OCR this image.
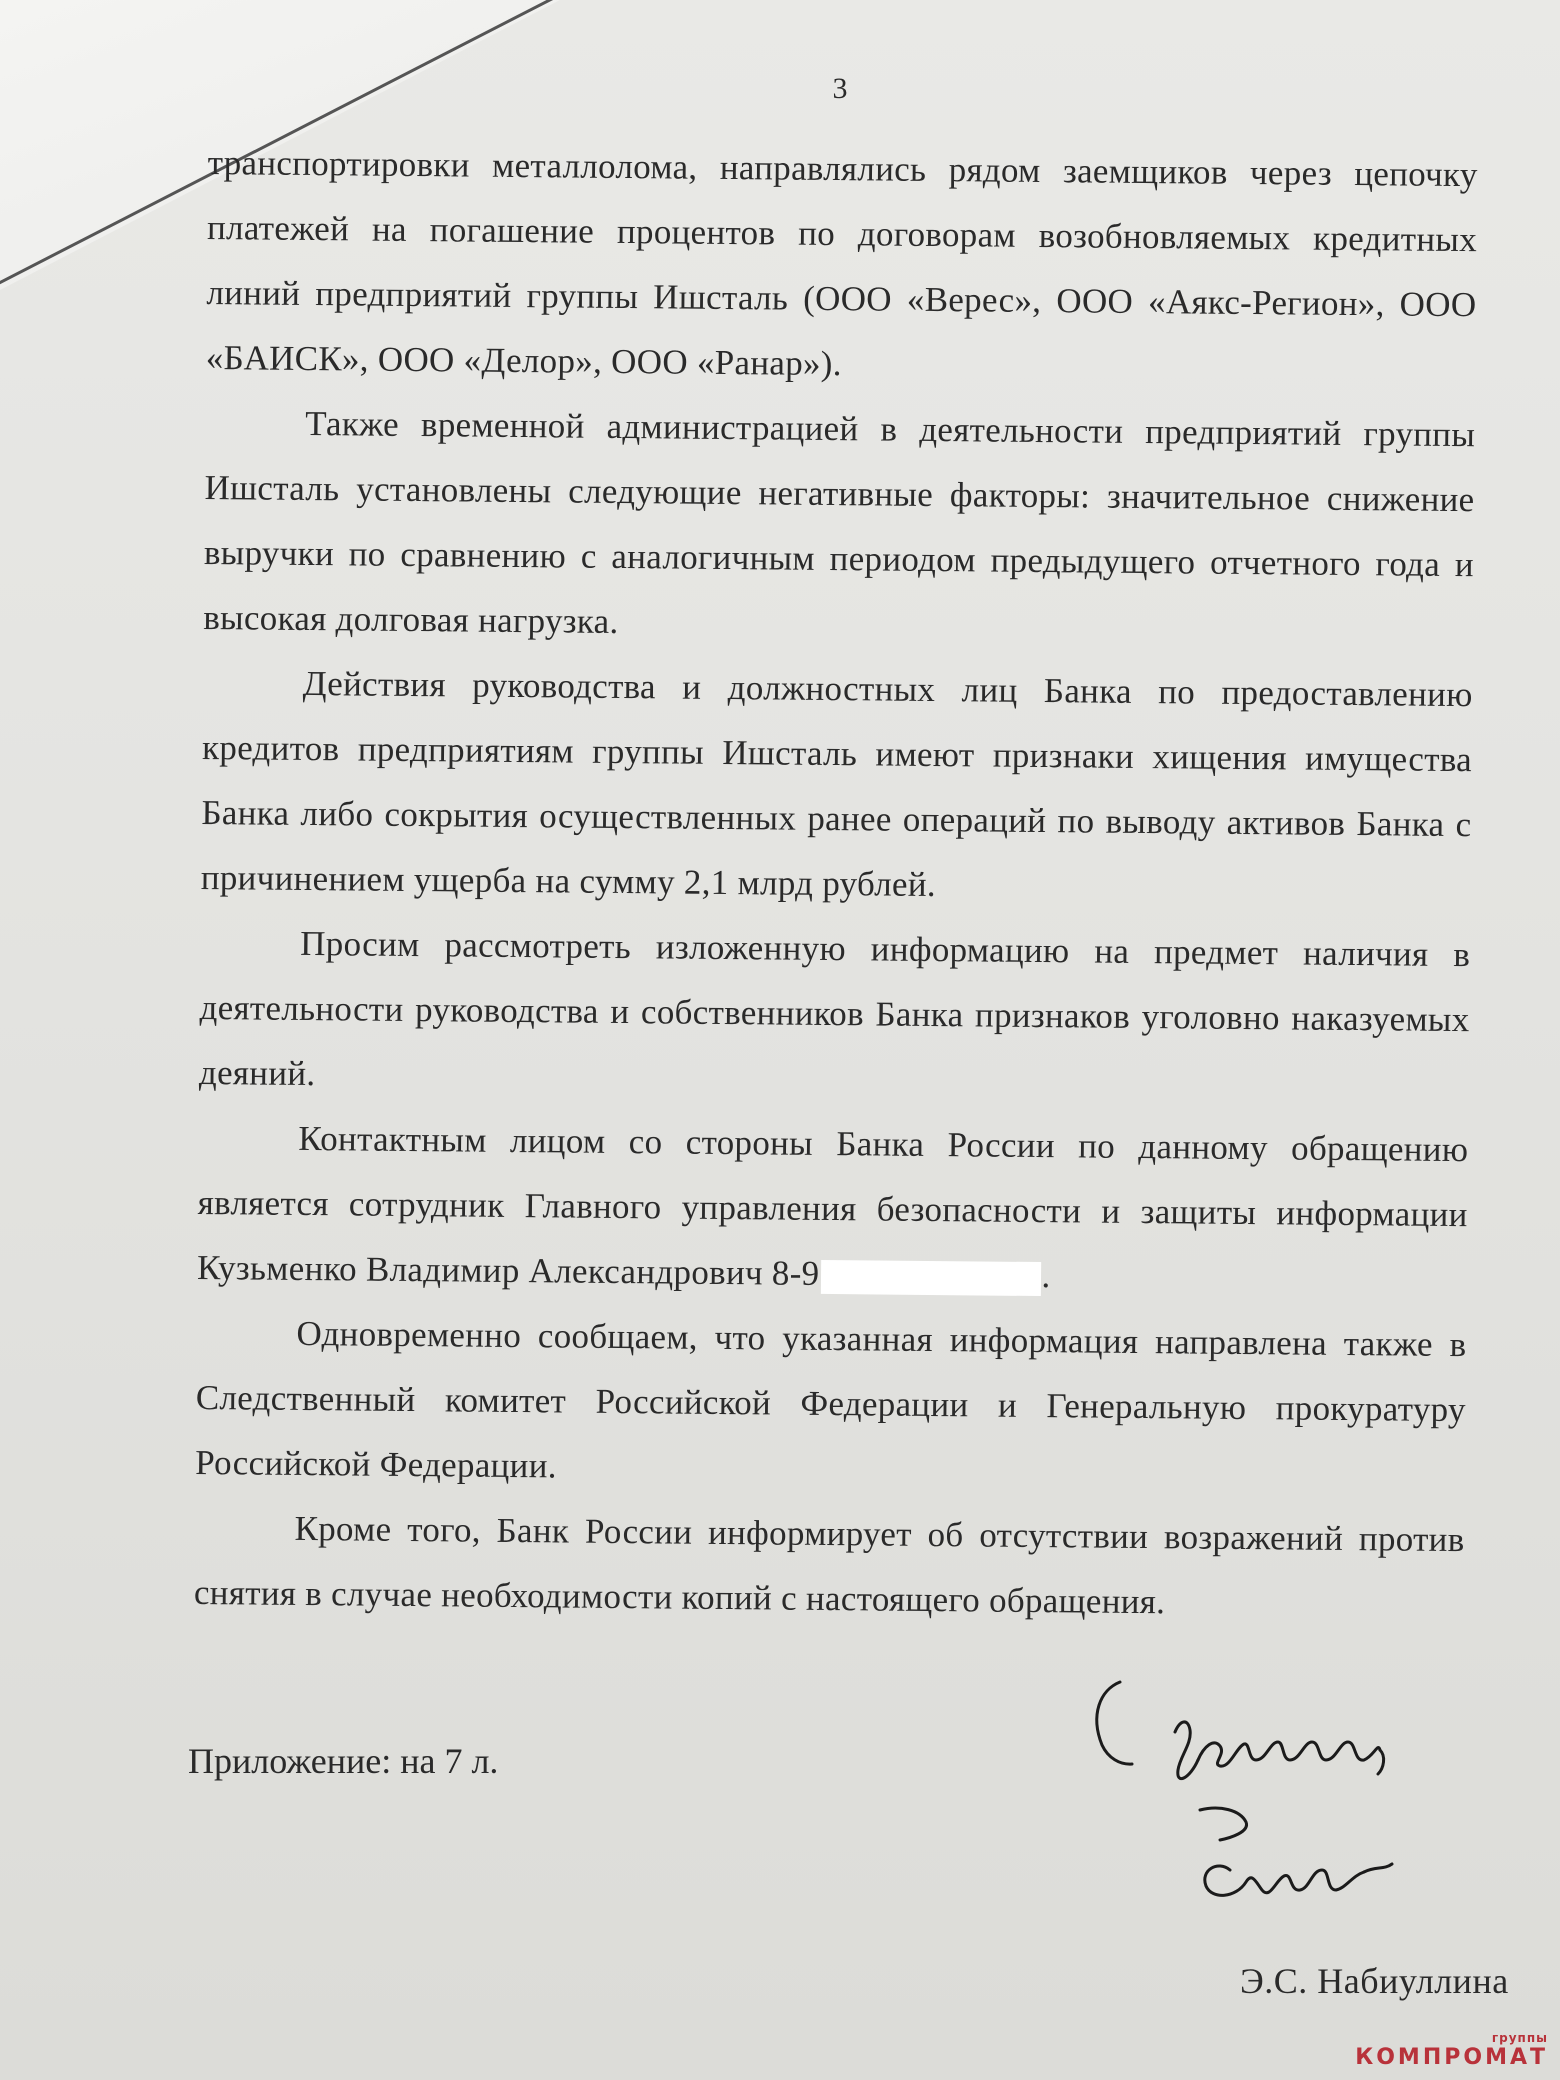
3

транспортировки металлолома, направлялись рядом заемщиков через цепочку платежей на погашение процентов по договорам возобновляемых кредитных линий предприятий группы Ишсталь (ООО «Верес», ООО «Аякс-Регион», ООО «БАИСК», ООО «Делор», ООО «Ранар»).

Также временной администрацией в деятельности предприятий группы Ишсталь установлены следующие негативные факторы: значительное снижение выручки по сравнению с аналогичным периодом предыдущего отчетного года и высокая долговая нагрузка.

Действия руководства и должностных лиц Банка по предоставлению кредитов предприятиям группы Ишсталь имеют признаки хищения имущества Банка либо сокрытия осуществленных ранее операций по выводу активов Банка с причинением ущерба на сумму 2,1 млрд рублей.

Просим рассмотреть изложенную информацию на предмет наличия в деятельности руководства и собственников Банка признаков уголовно наказуемых деяний.

Контактным лицом со стороны Банка России по данному обращению является сотрудник Главного управления безопасности и защиты информации Кузьменко Владимир Александрович 8-9	.

Одновременно сообщаем, что указанная информация направлена также в Следственный комитет Российской Федерации и Генеральную прокуратуру Российской Федерации.

Кроме того, Банк России информирует об отсутствии возражений против снятия в случае необходимости копий с настоящего обращения.

Приложение: на 7 л.
Э.С. Набиуллина
группы
КОМПРОМАТ
